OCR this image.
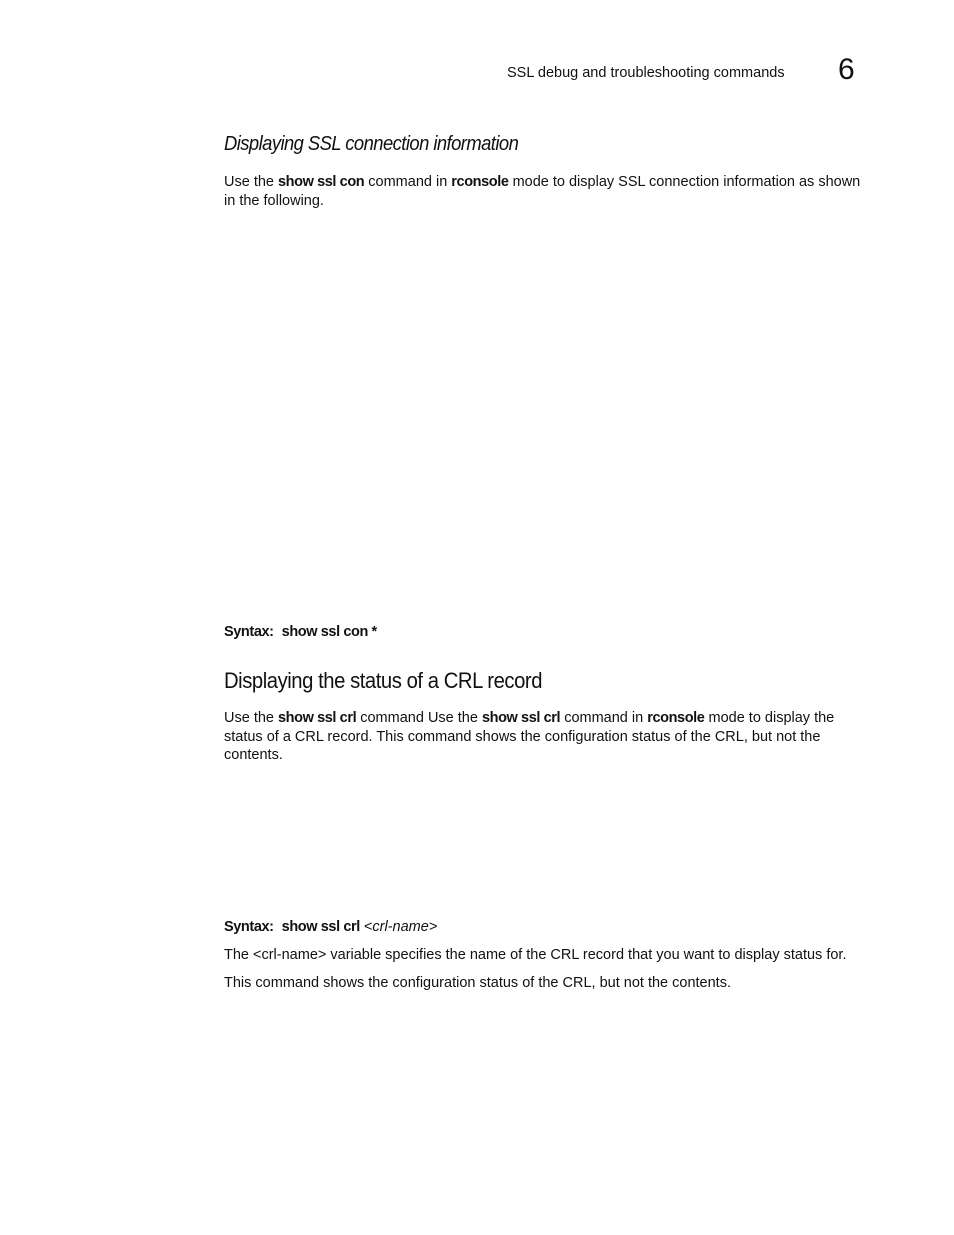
SSL debug and troubleshooting commands 6
Displaying SSL connection information
Use the show ssl con command in rconsole mode to display SSL connection information as shown in the following.
Syntax: show ssl con *
Displaying the status of a CRL record
Use the show ssl crl command Use the show ssl crl command in rconsole mode to display the status of a CRL record. This command shows the configuration status of the CRL, but not the contents.
Syntax: show ssl crl <crl-name>
The <crl-name> variable specifies the name of the CRL record that you want to display status for.
This command shows the configuration status of the CRL, but not the contents.
